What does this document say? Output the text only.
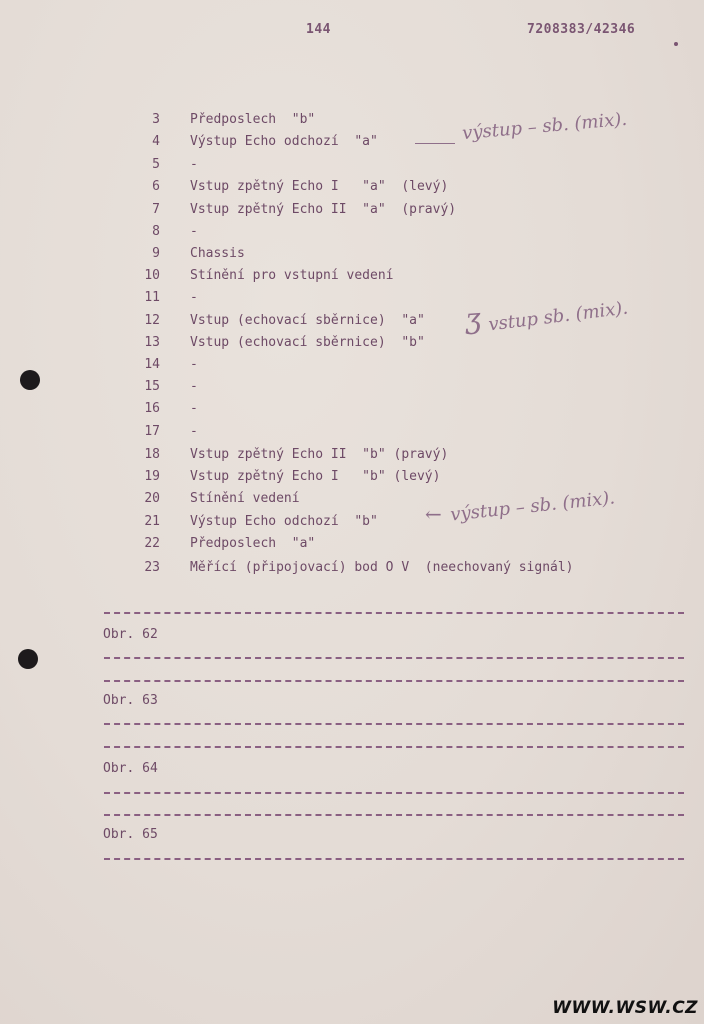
144	7208383/42346
3 Předposlech  "b"
4 Výstup Echo odchozí  "a"
5 -
6 Vstup zpětný Echo I   "a"  (levý)
7 Vstup zpětný Echo II  "a"  (pravý)
8 -
9 Chassis
10 Stínění pro vstupní vedení
11 -
12 Vstup (echovací sběrnice)  "a"
13 Vstup (echovací sběrnice)  "b"
14 -
15 -
16 -
17 -
18 Vstup zpětný Echo II  "b" (pravý)
19 Vstup zpětný Echo I   "b" (levý)
20 Stínění vedení
21 Výstup Echo odchozí  "b"
22 Předposlech  "a"
23 Měřící (připojovací) bod O V  (neechovaný signál)
výstup – sb. (mix).
ʒ vstup sb. (mix).
← výstup – sb. (mix).
Obr. 62
Obr. 63
Obr. 64
Obr. 65
WWW.WSW.CZ
